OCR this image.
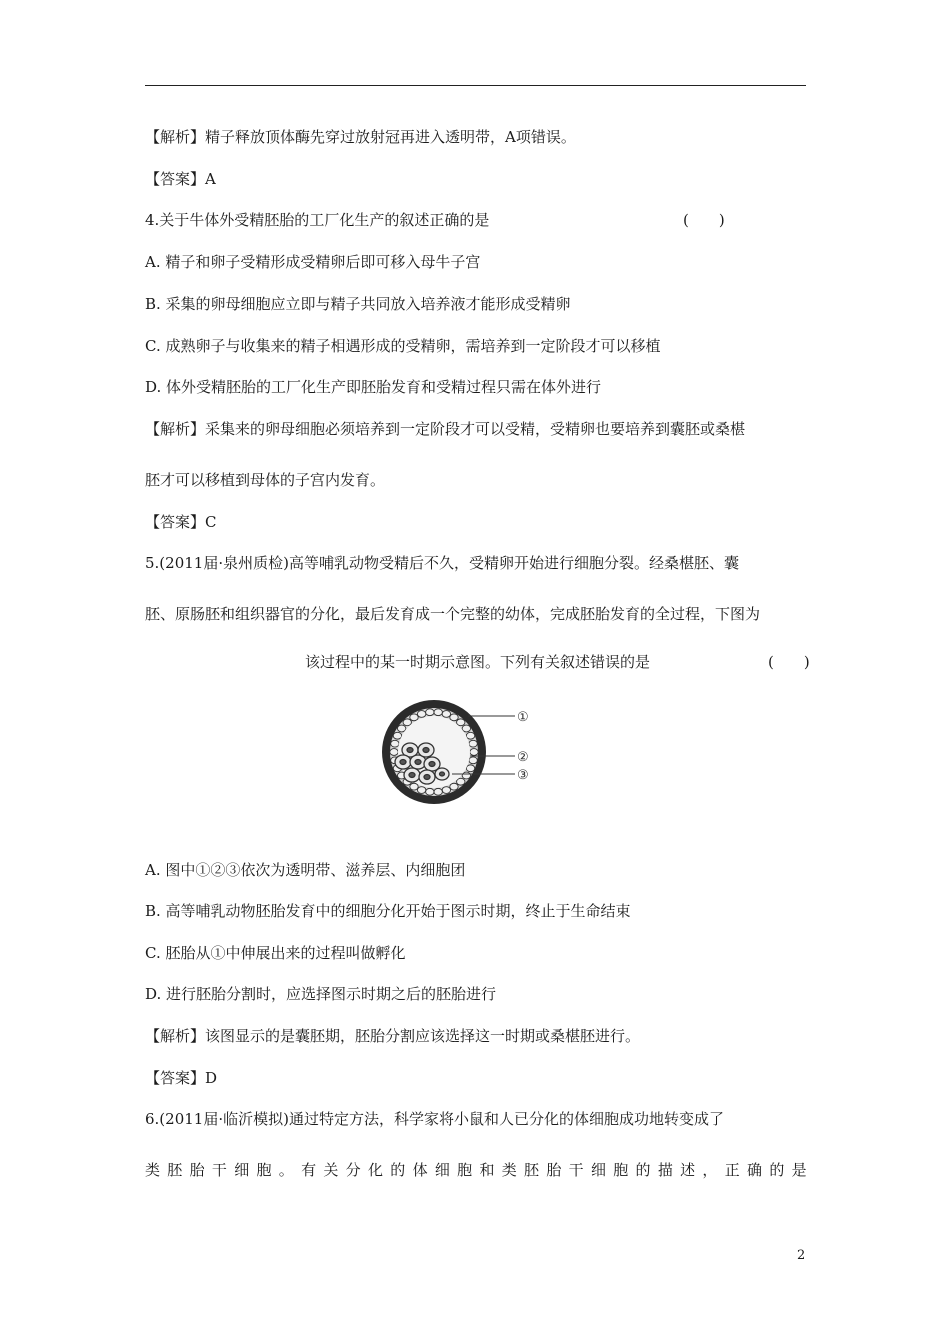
【解析】精子释放顶体酶先穿过放射冠再进入透明带，A项错误。
【答案】A
4.关于牛体外受精胚胎的工厂化生产的叙述正确的是	(　　)
A. 精子和卵子受精形成受精卵后即可移入母牛子宫
B. 采集的卵母细胞应立即与精子共同放入培养液才能形成受精卵
C. 成熟卵子与收集来的精子相遇形成的受精卵，需培养到一定阶段才可以移植
D. 体外受精胚胎的工厂化生产即胚胎发育和受精过程只需在体外进行
【解析】采集来的卵母细胞必须培养到一定阶段才可以受精，受精卵也要培养到囊胚或桑椹
胚才可以移植到母体的子宫内发育。
【答案】C
5.(2011届·泉州质检)高等哺乳动物受精后不久，受精卵开始进行细胞分裂。经桑椹胚、囊
胚、原肠胚和组织器官的分化，最后发育成一个完整的幼体，完成胚胎发育的全过程，下图为
该过程中的某一时期示意图。下列有关叙述错误的是	(　　)
①
②
③
A. 图中①②③依次为透明带、滋养层、内细胞团
B. 高等哺乳动物胚胎发育中的细胞分化开始于图示时期，终止于生命结束
C. 胚胎从①中伸展出来的过程叫做孵化
D. 进行胚胎分割时，应选择图示时期之后的胚胎进行
【解析】该图显示的是囊胚期，胚胎分割应该选择这一时期或桑椹胚进行。
【答案】D
6.(2011届·临沂模拟)通过特定方法，科学家将小鼠和人已分化的体细胞成功地转变成了
类 胚 胎 干 细 胞 。 有 关 分 化 的 体 细 胞 和 类 胚 胎 干 细 胞 的 描 述 ， 正 确 的 是
2
